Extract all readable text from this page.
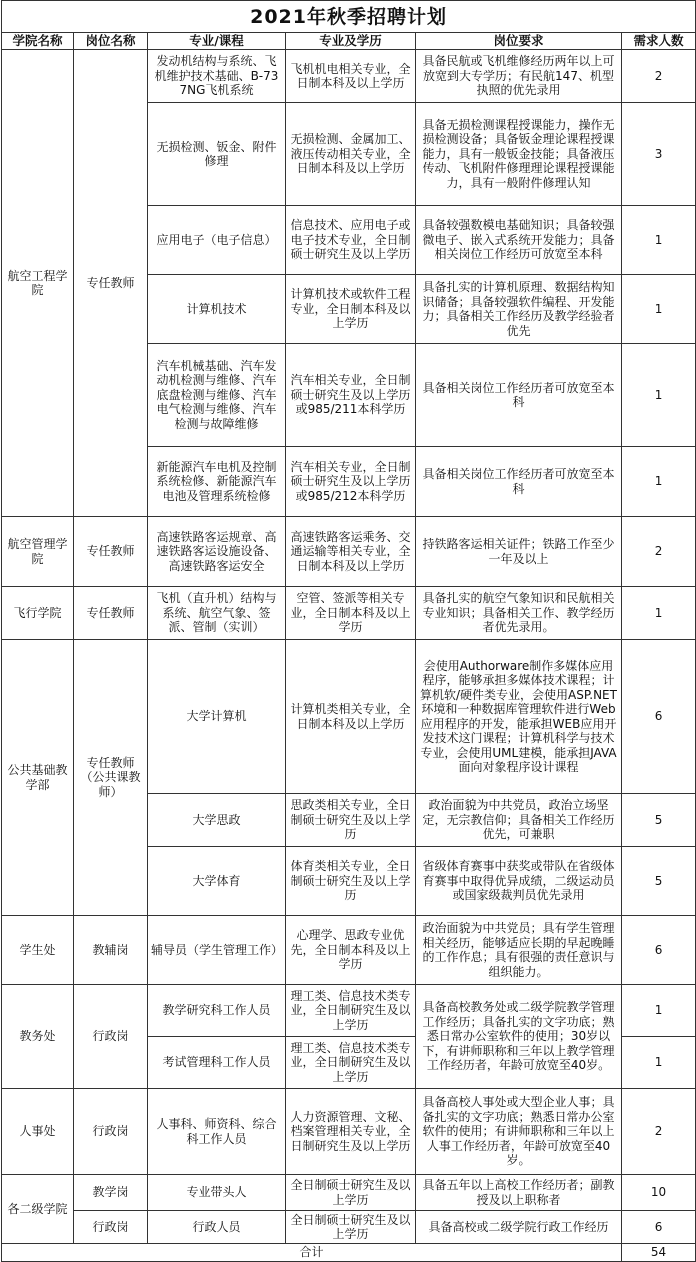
2021年秋季招聘计划					
学院名称	岗位名称	专业/课程	专业及学历	岗位要求	需求人数
航空工程学院	专任教师	发动机结构与系统、飞机维护技术基础、B-737NG飞机系统	飞机机电相关专业，全日制本科及以上学历	具备民航或飞机维修经历两年以上可放宽到大专学历；有民航147、机型执照的优先录用	2
		无损检测、钣金、附件修理	无损检测、金属加工、液压传动相关专业，全日制本科及以上学历	具备无损检测课程授课能力，操作无损检测设备；具备钣金理论课程授课能力，具有一般钣金技能；具备液压传动、飞机附件修理理论课程授课能力，具有一般附件修理认知	3
		应用电子（电子信息）	信息技术、应用电子或电子技术专业，全日制硕士研究生及以上学历	具备较强数模电基础知识；具备较强微电子、嵌入式系统开发能力；具备相关岗位工作经历可放宽至本科	1
		计算机技术	计算机技术或软件工程专业，全日制本科及以上学历	具备扎实的计算机原理、数据结构知识储备；具备较强软件编程、开发能力；具备相关工作经历及教学经验者优先	1
		汽车机械基础、汽车发动机检测与维修、汽车底盘检测与维修、汽车电气检测与维修、汽车检测与故障维修	汽车相关专业，全日制硕士研究生及以上学历或985/211本科学历	具备相关岗位工作经历者可放宽至本科	1
		新能源汽车电机及控制系统检修、新能源汽车电池及管理系统检修	汽车相关专业，全日制硕士研究生及以上学历或985/212本科学历	具备相关岗位工作经历者可放宽至本科	1
航空管理学院	专任教师	高速铁路客运规章、高速铁路客运设施设备、高速铁路客运安全	高速铁路客运乘务、交通运输等相关专业，全日制本科及以上学历	持铁路客运相关证件；铁路工作至少一年及以上	2
飞行学院	专任教师	飞机（直升机）结构与系统、航空气象、签派、管制（实训）	空管、签派等相关专业，全日制本科及以上学历	具备扎实的航空气象知识和民航相关专业知识；具备相关工作、教学经历者优先录用。	1
公共基础教学部	专任教师（公共课教师）	大学计算机	计算机类相关专业，全日制本科及以上学历	会使用Authorware制作多媒体应用程序，能够承担多媒体技术课程；计算机软/硬件类专业，会使用ASP.NET环境和一种数据库管理软件进行Web应用程序的开发，能承担WEB应用开发技术这门课程；计算机科学与技术专业，会使用UML建模，能承担JAVA面向对象程序设计课程	6
		大学思政	思政类相关专业，全日制硕士研究生及以上学历	政治面貌为中共党员，政治立场坚定，无宗教信仰；具备相关工作经历优先，可兼职	5
		大学体育	体育类相关专业，全日制硕士研究生及以上学历	省级体育赛事中获奖或带队在省级体育赛事中取得优异成绩，二级运动员或国家级裁判员优先录用	5
学生处	教辅岗	辅导员（学生管理工作）	心理学、思政专业优先，全日制本科及以上学历	政治面貌为中共党员；具有学生管理相关经历，能够适应长期的早起晚睡的工作作息；具有很强的责任意识与组织能力。	6
教务处	行政岗	教学研究科工作人员	理工类、信息技术类专业，全日制研究生及以上学历	具备高校教务处或二级学院教学管理工作经历；具备扎实的文字功底；熟悉日常办公室软件的使用；30岁以下，有讲师职称和三年以上教学管理工作经历者，年龄可放宽至40岁。	1
		考试管理科工作人员	理工类、信息技术类专业，全日制研究生及以上学历		1
人事处	行政岗	人事科、师资科、综合科工作人员	人力资源管理、文秘、档案管理相关专业，全日制研究生及以上学历	具备高校人事处或大型企业人事；具备扎实的文字功底；熟悉日常办公室软件的使用；有讲师职称和三年以上人事工作经历者，年龄可放宽至40岁。	2
各二级学院	教学岗	专业带头人	全日制硕士研究生及以上学历	具备五年以上高校工作经历者；副教授及以上职称者	10
	行政岗	行政人员	全日制硕士研究生及以上学历	具备高校或二级学院行政工作经历	6
合计					54
